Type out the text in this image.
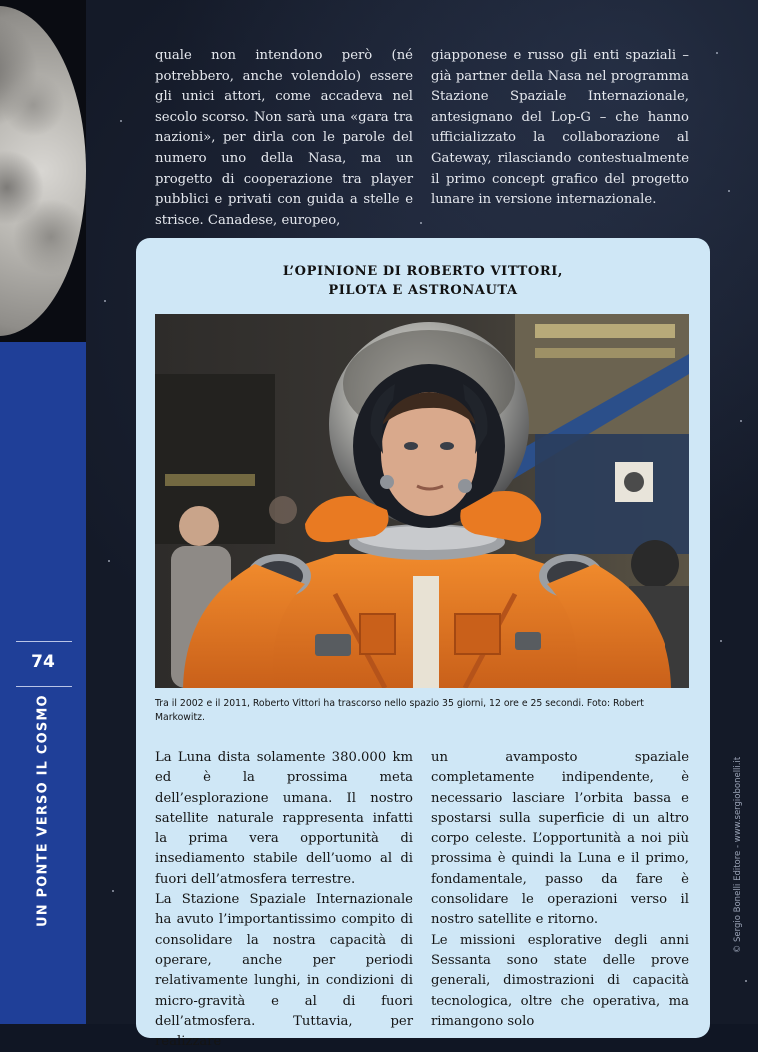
74
UN PONTE VERSO IL COSMO	© Sergio Bonelli Editore - www.sergiobonelli.it

quale non intendono però (né potrebbero, anche volendolo) essere gli unici attori, come accadeva nel secolo scorso. Non sarà una «gara tra nazioni», per dirla con le parole del numero uno della Nasa, ma un progetto di cooperazione tra player pubblici e privati con guida a stelle e strisce. Canadese, europeo,

giapponese e russo gli enti spaziali – già partner della Nasa nel programma Stazione Spaziale Internazionale, antesignano del Lop-G – che hanno ufficializzato la collaborazione al Gateway, rilasciando contestualmente il primo concept grafico del progetto lunare in versione internazionale.

L’OPINIONE DI ROBERTO VITTORI,
PILOTA E ASTRONAUTA
Tra il 2002 e il 2011, Roberto Vittori ha trascorso nello spazio 35 giorni, 12 ore e 25 secondi. Foto: Robert Markowitz.

La Luna dista solamente 380.000 km ed è la prossima meta dell’esplorazione umana. Il nostro satellite naturale rappresenta infatti la prima vera opportunità di insediamento stabile dell’uomo al di fuori dell’atmosfera terrestre.

La Stazione Spaziale Internazionale ha avuto l’importantissimo compito di consolidare la nostra capacità di operare, anche per periodi relativamente lunghi, in condizioni di micro-gravità e al di fuori dell’atmosfera. Tuttavia, per realizzare

un avamposto spaziale completamente indipendente, è necessario lasciare l’orbita bassa e spostarsi sulla superficie di un altro corpo celeste. L’opportunità a noi più prossima è quindi la Luna e il primo, fondamentale, passo da fare è consolidare le operazioni verso il nostro satellite e ritorno.

Le missioni esplorative degli anni Sessanta sono state delle prove generali, dimostrazioni di capacità tecnologica, oltre che operativa, ma rimangono solo
